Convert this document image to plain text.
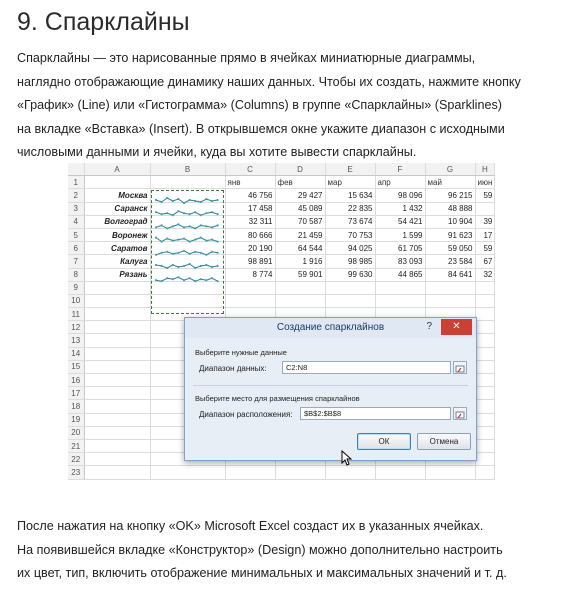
9. Спарклайны
Спарклайны — это нарисованные прямо в ячейках миниатюрные диаграммы,
наглядно отображающие динамику наших данных. Чтобы их создать, нажмите кнопку
«График» (Line) или «Гистограмма» (Columns) в группе «Спарклайны» (Sparklines)
на вкладке «Вставка» (Insert). В открывшемся окне укажите диапазон с исходными
числовыми данными и ячейки, куда вы хотите вывести спарклайны.
	A	B	C	D	E	F	G	H
1			янв	фев	мар	апр	май	июн
2	Москва		46 756	29 427	15 634	98 096	96 215	59
3	Саранск		17 458	45 089	22 835	1 432	48 888	
4	Волгоград		32 311	70 587	73 674	54 421	10 904	39
5	Воронеж		80 666	21 459	70 753	1 599	91 623	17
6	Саратов		20 190	64 544	94 025	61 705	59 050	59
7	Калуга		98 891	1 916	98 985	83 093	23 584	67
8	Рязань		8 774	59 901	99 630	44 865	84 641	32
9								
10								
11								
12								
13								
14								
15								
16								
17								
18								
19								
20								
21								
22								
23								
Создание спарклайнов	?	✕
Выберите нужные данные
Диапазон данных:	C2:N8
Выберите место для размещения спарклайнов
Диапазон расположения:	$B$2:$B$8
ОК	Отмена
После нажатия на кнопку «OK» Microsoft Excel создаст их в указанных ячейках.
На появившейся вкладке «Конструктор» (Design) можно дополнительно настроить
их цвет, тип, включить отображение минимальных и максимальных значений и т. д.
